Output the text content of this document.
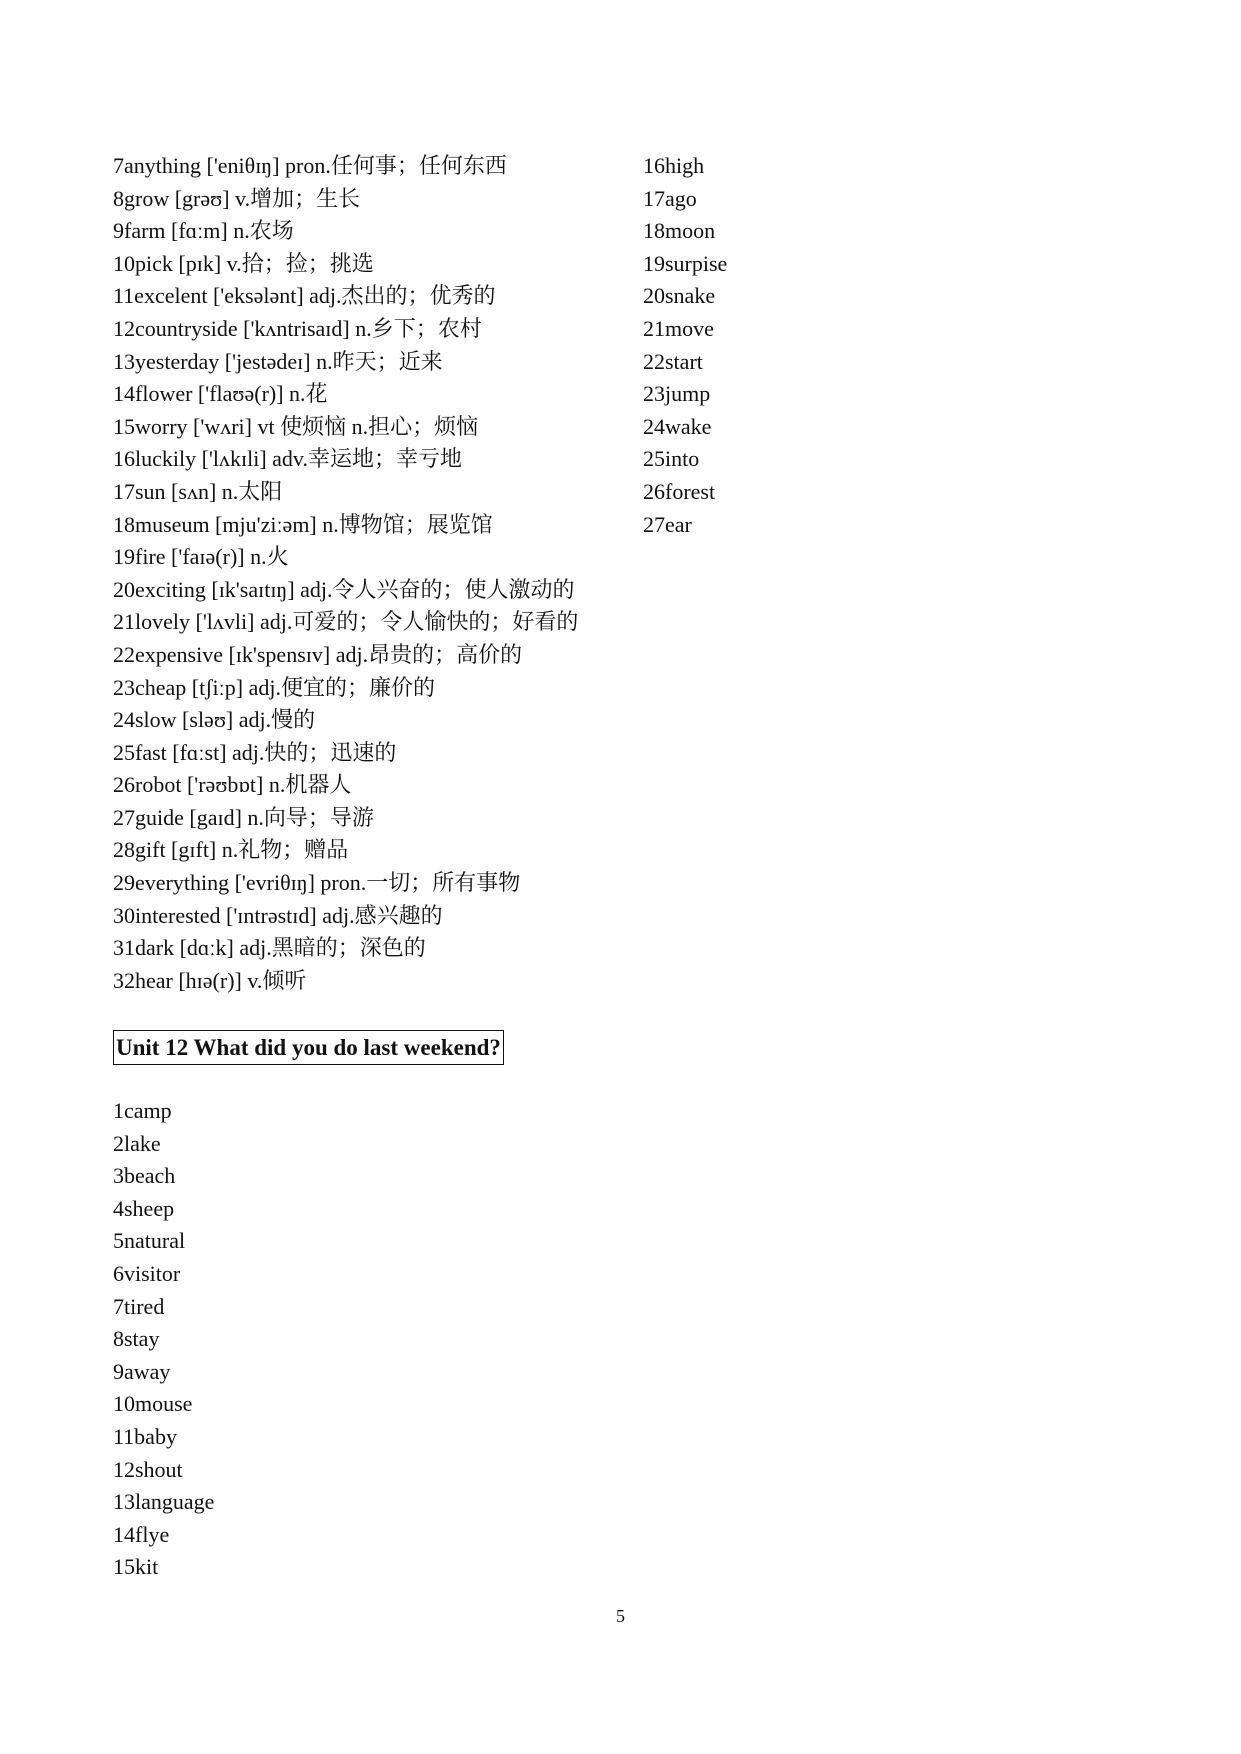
7anything ['eniθɪŋ] pron.任何事；任何东西
8grow [grəʊ] v.增加；生长
9farm [fɑːm] n.农场
10pick [pɪk] v.拾；捡；挑选
11excelent ['eksələnt] adj.杰出的；优秀的
12countryside ['kʌntrisaɪd] n.乡下；农村
13yesterday ['jestədeɪ] n.昨天；近来
14flower ['flaʊə(r)] n.花
15worry ['wʌri] vt 使烦恼 n.担心；烦恼
16luckily ['lʌkɪli] adv.幸运地；幸亏地
17sun [sʌn] n.太阳
18museum [mju'ziːəm] n.博物馆；展览馆
19fire ['faɪə(r)] n.火
20exciting [ɪk'saɪtɪŋ] adj.令人兴奋的；使人激动的
21lovely ['lʌvli] adj.可爱的；令人愉快的；好看的
22expensive [ɪk'spensɪv] adj.昂贵的；高价的
23cheap [tʃiːp] adj.便宜的；廉价的
24slow [sləʊ] adj.慢的
25fast [fɑːst] adj.快的；迅速的
26robot ['rəʊbɒt] n.机器人
27guide [gaɪd] n.向导；导游
28gift [gɪft] n.礼物；赠品
29everything ['evriθɪŋ] pron.一切；所有事物
30interested ['ɪntrəstɪd] adj.感兴趣的
31dark [dɑːk] adj.黑暗的；深色的
32hear [hɪə(r)] v.倾听
16high
17ago
18moon
19surpise
20snake
21move
22start
23jump
24wake
25into
26forest
27ear
Unit 12 What did you do last weekend?
1camp
2lake
3beach
4sheep
5natural
6visitor
7tired
8stay
9away
10mouse
11baby
12shout
13language
14flye
15kit
5
